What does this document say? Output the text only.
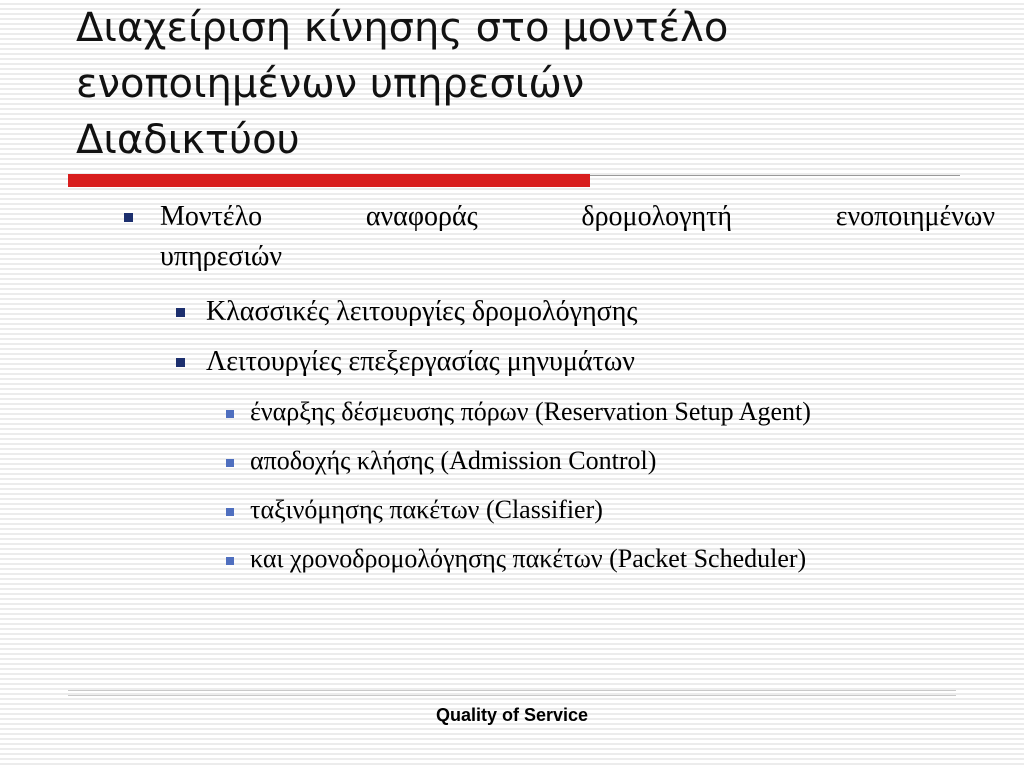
Διαχείριση κίνησης στο μοντέλο
ενοποιημένων υπηρεσιών
Διαδικτύου
Μοντέλο	αναφοράς	δρομολογητή	ενοποιημένων
υπηρεσιών
Κλασσικές λειτουργίες δρομολόγησης
Λειτουργίες επεξεργασίας μηνυμάτων
έναρξης δέσμευσης πόρων (Reservation Setup Agent)
αποδοχής κλήσης (Admission Control)
ταξινόμησης πακέτων (Classifier)
και χρονοδρομολόγησης πακέτων (Packet Scheduler)
Quality of Service
